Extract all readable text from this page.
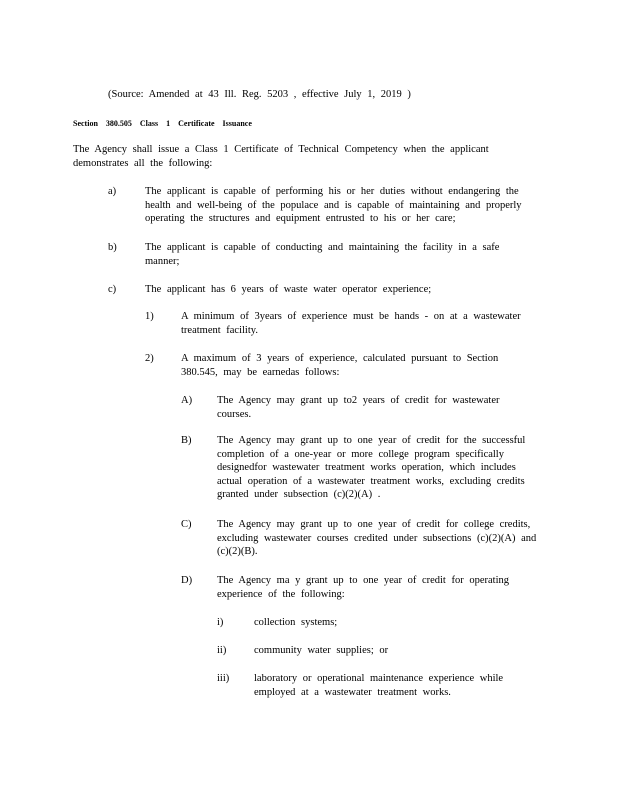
(Source: Amended at 43 Ill. Reg. 5203 , effective July 1, 2019 )
Section 380.505 Class 1 Certificate Issuance
The Agency shall issue a Class 1 Certificate of Technical Competency when the applicant demonstrates all the following:
a)	The applicant is capable of performing his or her duties without endangering the health and well-being of the populace and is capable of maintaining and properly operating the structures and equipment entrusted to his or her care;
b)	The applicant is capable of conducting and maintaining the facility in a safe manner;
c)	The applicant has 6 years of waste water operator experience;
1)	A minimum of 3years of experience must be hands - on at a wastewater treatment facility.
2)	A maximum of 3 years of experience, calculated pursuant to Section 380.545, may be earnedas follows:
A) The Agency may grant up to2 years of credit for wastewater courses.
B) The Agency may grant up to one year of credit for the successful completion of a one-year or more college program specifically designedfor wastewater treatment works operation, which includes actual operation of a wastewater treatment works, excluding credits granted under subsection (c)(2)(A) .
C) The Agency may grant up to one year of credit for college credits, excluding wastewater courses credited under subsections (c)(2)(A) and (c)(2)(B).
D) The Agency ma y grant up to one year of credit for operating experience of the following:
i)	collection systems;
ii)	community water supplies; or
iii) laboratory or operational maintenance experience while employed at a wastewater treatment works.
